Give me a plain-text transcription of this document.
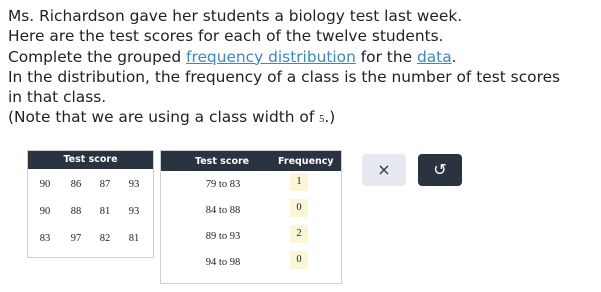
Ms. Richardson gave her students a biology test last week.

Here are the test scores for each of the twelve students.

Complete the grouped frequency distribution for the data.

In the distribution, the frequency of a class is the number of test scores

in that class.

(Note that we are using a class width of 5.)

Test score
90	86	87	93
90	88	81	93
83	97	82	81
Test score	Frequency
79 to 83	1
84 to 88	0
89 to 93	2
94 to 98	0
×	↺
